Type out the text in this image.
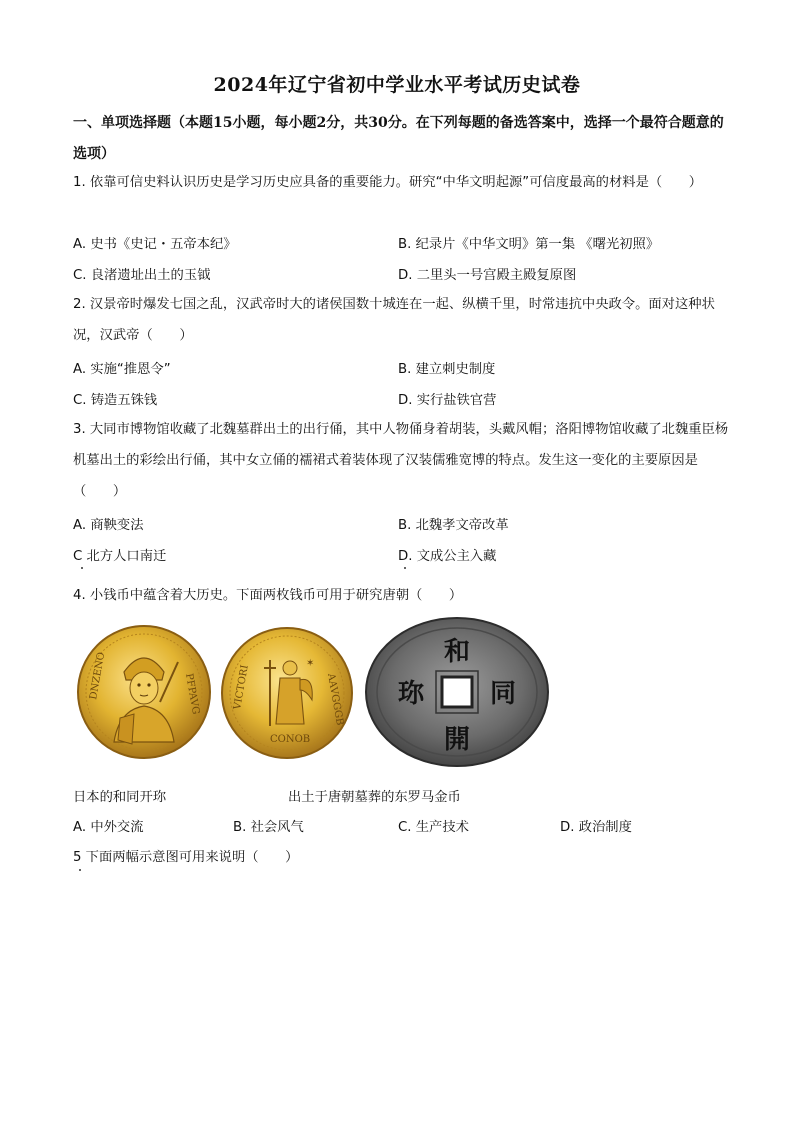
2024年辽宁省初中学业水平考试历史试卷
一、单项选择题（本题15小题，每小题2分，共30分。在下列每题的备选答案中，选择一个最符合题意的选项）
1. 依靠可信史料认识历史是学习历史应具备的重要能力。研究“中华文明起源”可信度最高的材料是（　　）
A. 史书《史记・五帝本纪》	B. 纪录片《中华文明》第一集 《曙光初照》
C. 良渚遗址出土的玉钺	D. 二里头一号宫殿主殿复原图
2. 汉景帝时爆发七国之乱，汉武帝时大的诸侯国数十城连在一起、纵横千里，时常违抗中央政令。面对这种状况，汉武帝（　　）
A. 实施“推恩令”	B. 建立刺史制度
C. 铸造五铢钱	D. 实行盐铁官营
3. 大同市博物馆收藏了北魏墓群出土的出行俑，其中人物俑身着胡装，头戴风帽；洛阳博物馆收藏了北魏重臣杨机墓出土的彩绘出行俑，其中女立俑的襦裙式着装体现了汉装儒雅宽博的特点。发生这一变化的主要原因是（　　）
A. 商鞅变法	B. 北魏孝文帝改革
C 北方人口南迁	D. 文成公主入藏
4. 小钱币中蕴含着大历史。下面两枚钱币可用于研究唐朝（　　）
DNZENO	PFPAVG
✶
VICTORI	AAVGGGB
CONOB
和
同
開
珎
日本的和同开珎	出土于唐朝墓葬的东罗马金币
A. 中外交流	B. 社会风气	C. 生产技术	D. 政治制度
5 下面两幅示意图可用来说明（　　）
